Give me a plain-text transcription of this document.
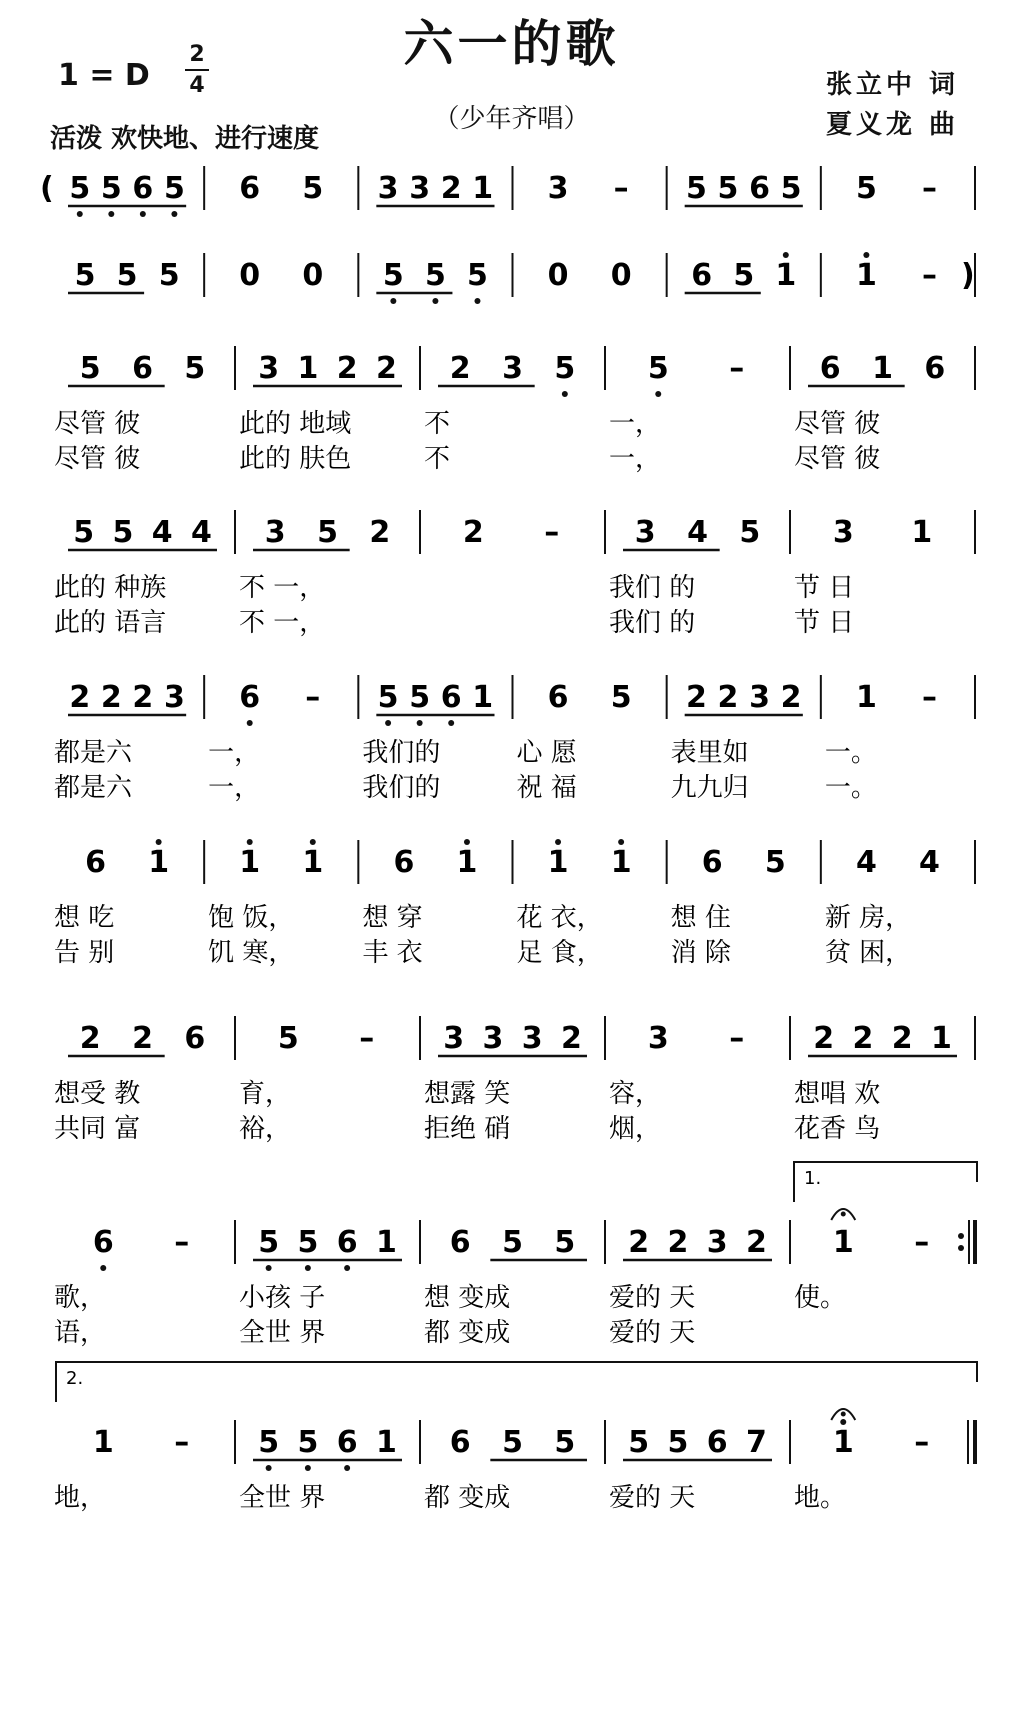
六一的歌
（少年齐唱）
1 = D
2
4
活泼 欢快地、进行速度
张立中 词
夏义龙 曲
( 5 5 6 5 6 5 3 3 2 1 3 – 5 5 6 5 5 –
5 5 5 0 0 5 5 5 0 0 6 5 1 1 – )
5 6 5
尽管 彼
尽管 彼
3 1 2 2
此的 地域
此的 肤色
2 3 5
不
不
5 –
一，
一，
6 1 6
尽管 彼
尽管 彼
5 5 4 4
此的 种族
此的 语言
3 5 2
不 一，
不 一，
2 –	3 4 5
我们 的
我们 的
3 1
节 日
节 日
2 2 2 3
都是六
都是六
6 –
一，
一，
5 5 6 1
我们的
我们的
6 5
心 愿
祝 福
2 2 3 2
表里如
九九归
1 –
一。
一。
6 1
想 吃
告 别
1 1
饱 饭，
饥 寒，
6 1
想 穿
丰 衣
1 1
花 衣，
足 食，
6 5
想 住
消 除
4 4
新 房，
贫 困，
2 2 6
想受 教
共同 富
5 –
育，
裕，
3 3 3 2
想露 笑
拒绝 硝
3 –
容，
烟，
2 2 2 1
想唱 欢
花香 鸟
1.
6 –
歌，
语，
5 5 6 1
小孩 子
全世 界
6 5 5
想 变成
都 变成
2 2 3 2
爱的 天
爱的 天
1 –
使。
2.
1 –
地，
5 5 6 1
全世 界
6 5 5
都 变成
5 5 6 7
爱的 天
1 –
地。
